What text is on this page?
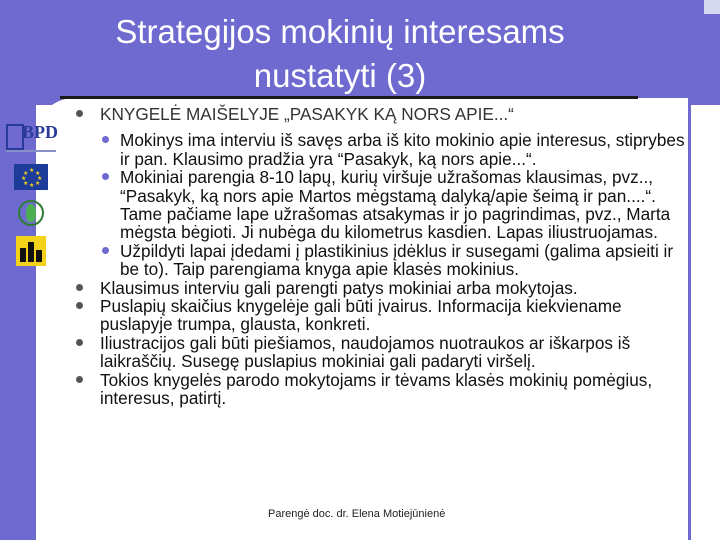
Strategijos mokinių interesams nustatyti (3)
BPD
★ ★
★
★
★
★
★
★

KNYGELĖ MAIŠELYJE „PASAKYK KĄ NORS APIE...“

Mokinys ima interviu iš savęs arba iš kito mokinio apie interesus, stiprybes ir pan. Klausimo pradžia yra “Pasakyk, ką nors apie...“.

Mokiniai parengia 8-10 lapų, kurių viršuje užrašomas klausimas, pvz.., “Pasakyk, ką nors apie Martos mėgstamą dalyką/apie šeimą ir pan....“. Tame pačiame lape užrašomas atsakymas ir jo pagrindimas, pvz., Marta mėgsta bėgioti. Ji nubėga du kilometrus kasdien. Lapas iliustruojamas.

Užpildyti lapai įdedami į plastikinius įdėklus ir susegami (galima apsieiti ir be to). Taip parengiama knyga apie klasės mokinius.

Klausimus interviu gali parengti patys mokiniai arba mokytojas.

Puslapių skaičius knygelėje gali būti įvairus. Informacija kiekviename puslapyje trumpa, glausta, konkreti.

Iliustracijos gali būti piešiamos, naudojamos nuotraukos ar iškarpos iš laikraščių. Susegę puslapius mokiniai gali padaryti viršelį.

Tokios knygelės parodo mokytojams ir tėvams klasės mokinių pomėgius, interesus, patirtį.

Parengė doc. dr. Elena Motiejūnienė
